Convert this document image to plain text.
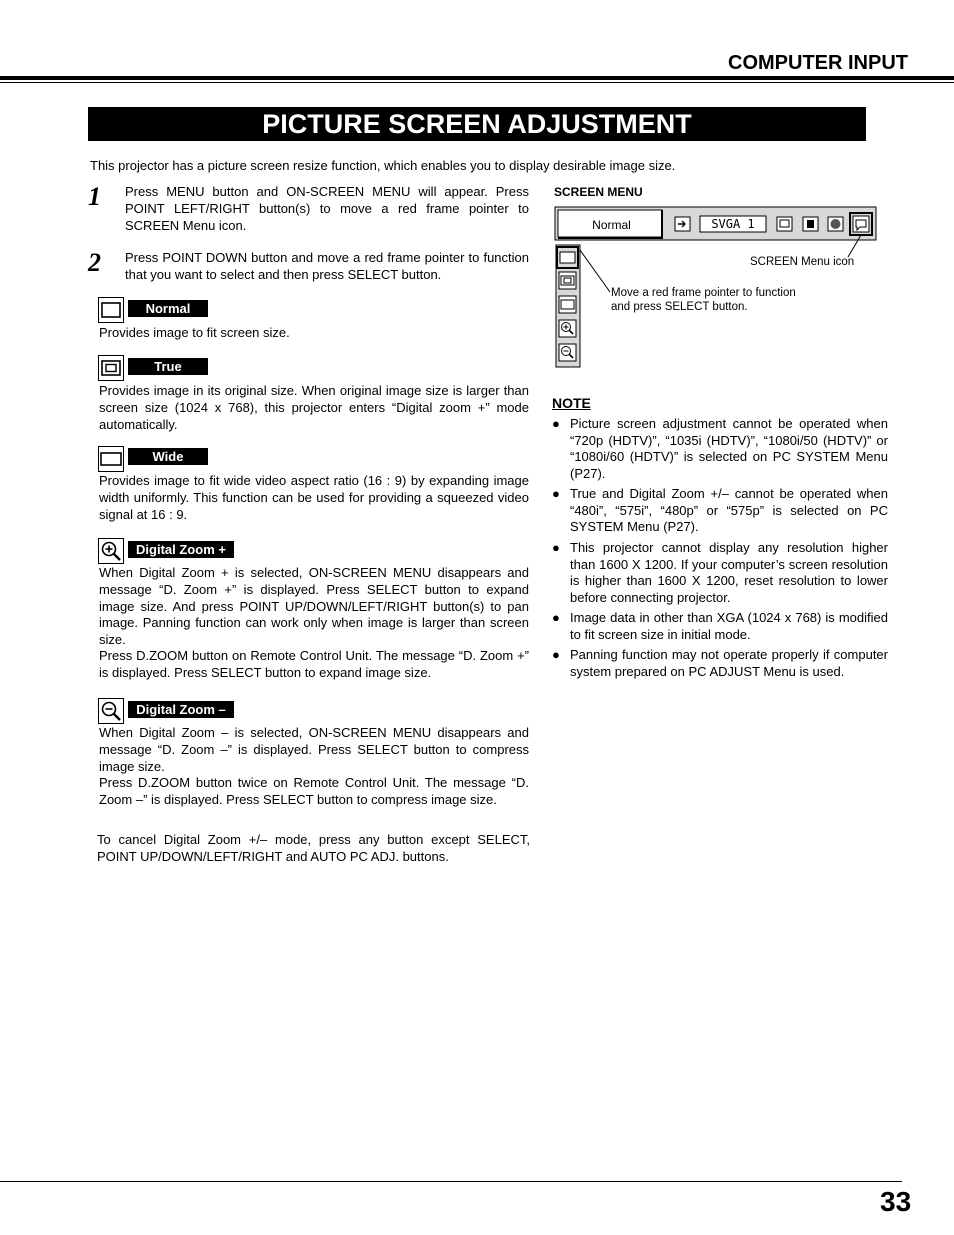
COMPUTER INPUT
PICTURE SCREEN ADJUSTMENT
This projector has a picture screen resize function, which enables you to display desirable image size.
1 Press MENU button and ON-SCREEN MENU will appear. Press POINT LEFT/RIGHT button(s) to move a red frame pointer to SCREEN Menu icon.
2 Press POINT DOWN button and move a red frame pointer to function that you want to select and then press SELECT button.
Normal
Provides image to fit screen size.
True
Provides image in its original size. When original image size is larger than screen size (1024 x 768), this projector enters “Digital zoom +” mode automatically.
Wide
Provides image to fit wide video aspect ratio (16 : 9) by expanding image width uniformly. This function can be used for providing a squeezed video signal at 16 : 9.
Digital Zoom +
When Digital Zoom + is selected, ON-SCREEN MENU disappears and message “D. Zoom +” is displayed. Press SELECT button to expand image size. And press POINT UP/DOWN/LEFT/RIGHT button(s) to pan image. Panning function can work only when image is larger than screen size.
Press D.ZOOM button on Remote Control Unit. The message “D. Zoom +” is displayed. Press SELECT button to expand image size.
Digital Zoom –
When Digital Zoom – is selected, ON-SCREEN MENU disappears and message “D. Zoom –” is displayed. Press SELECT button to compress image size.
Press D.ZOOM button twice on Remote Control Unit. The message “D. Zoom –” is displayed. Press SELECT button to compress image size.
To cancel Digital Zoom +/– mode, press any button except SELECT, POINT UP/DOWN/LEFT/RIGHT and AUTO PC ADJ. buttons.
SCREEN MENU
Normal	SVGA 1
SCREEN Menu icon
Move a red frame pointer to function
and press SELECT button.
NOTE
● Picture screen adjustment cannot be operated when “720p (HDTV)”, “1035i (HDTV)”, “1080i/50 (HDTV)” or “1080i/60 (HDTV)” is selected on PC SYSTEM Menu (P27).
● True and Digital Zoom +/– cannot be operated when “480i”, “575i”, “480p” or “575p” is selected on PC SYSTEM Menu (P27).
● This projector cannot display any resolution higher than 1600 X 1200. If your computer’s screen resolution is higher than 1600 X 1200, reset resolution to lower before connecting projector.
● Image data in other than XGA (1024 x 768) is modified to fit screen size in initial mode.
● Panning function may not operate properly if computer system prepared on PC ADJUST Menu is used.
33
